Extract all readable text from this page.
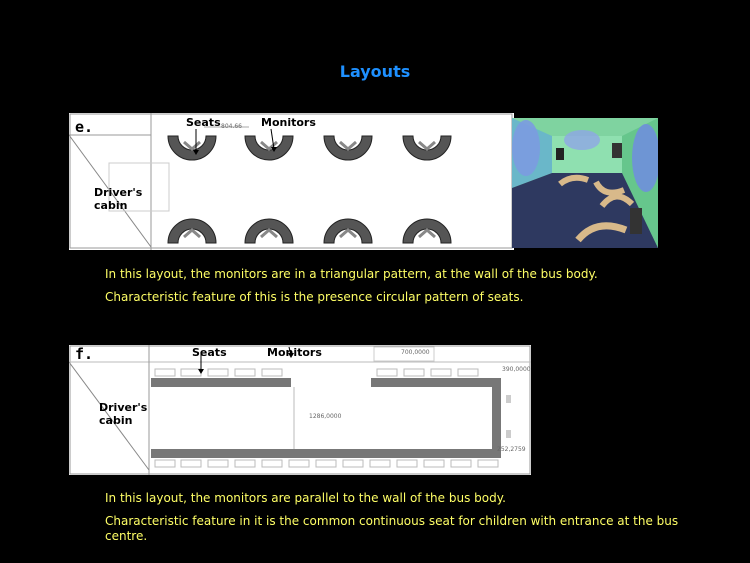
Layouts
e.	Seats	Monitors
804.66
Driver's
cabin
In this layout, the monitors are in a triangular pattern, at the wall of the bus body.
Characteristic feature of this is the presence circular pattern of seats.
f.	Seats	Monitors	700,0000
390,0000
1286,0000
252,2759
Driver's
cabin
In this layout, the monitors are parallel to the wall of the bus body.
Characteristic feature in it is the common continuous seat for children with entrance at the bus centre.
